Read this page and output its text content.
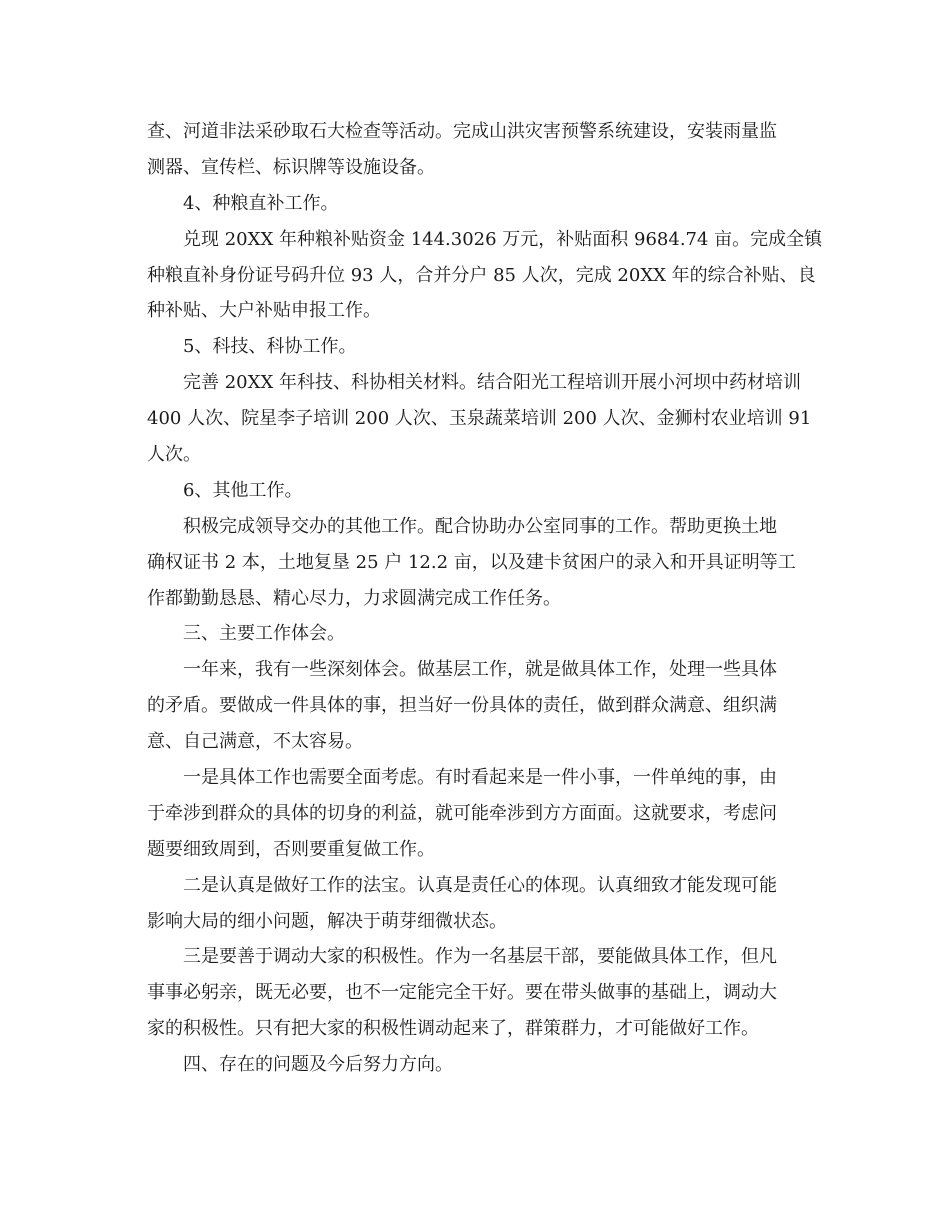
查、河道非法采砂取石大检查等活动。完成山洪灾害预警系统建设，安装雨量监

测器、宣传栏、标识牌等设施设备。

4、种粮直补工作。

兑现 20XX 年种粮补贴资金 144.3026 万元，补贴面积 9684.74 亩。完成全镇

种粮直补身份证号码升位 93 人，合并分户 85 人次，完成 20XX 年的综合补贴、良

种补贴、大户补贴申报工作。

5、科技、科协工作。

完善 20XX 年科技、科协相关材料。结合阳光工程培训开展小河坝中药材培训

400 人次、院星李子培训 200 人次、玉泉蔬菜培训 200 人次、金狮村农业培训 91

人次。

6、其他工作。

积极完成领导交办的其他工作。配合协助办公室同事的工作。帮助更换土地

确权证书 2 本，土地复垦 25 户 12.2 亩，以及建卡贫困户的录入和开具证明等工

作都勤勤恳恳、精心尽力，力求圆满完成工作任务。

三、主要工作体会。

一年来，我有一些深刻体会。做基层工作，就是做具体工作，处理一些具体

的矛盾。要做成一件具体的事，担当好一份具体的责任，做到群众满意、组织满

意、自己满意，不太容易。

一是具体工作也需要全面考虑。有时看起来是一件小事，一件单纯的事，由

于牵涉到群众的具体的切身的利益，就可能牵涉到方方面面。这就要求，考虑问

题要细致周到，否则要重复做工作。

二是认真是做好工作的法宝。认真是责任心的体现。认真细致才能发现可能

影响大局的细小问题，解决于萌芽细微状态。

三是要善于调动大家的积极性。作为一名基层干部，要能做具体工作，但凡

事事必躬亲，既无必要，也不一定能完全干好。要在带头做事的基础上，调动大

家的积极性。只有把大家的积极性调动起来了，群策群力，才可能做好工作。

四、存在的问题及今后努力方向。
